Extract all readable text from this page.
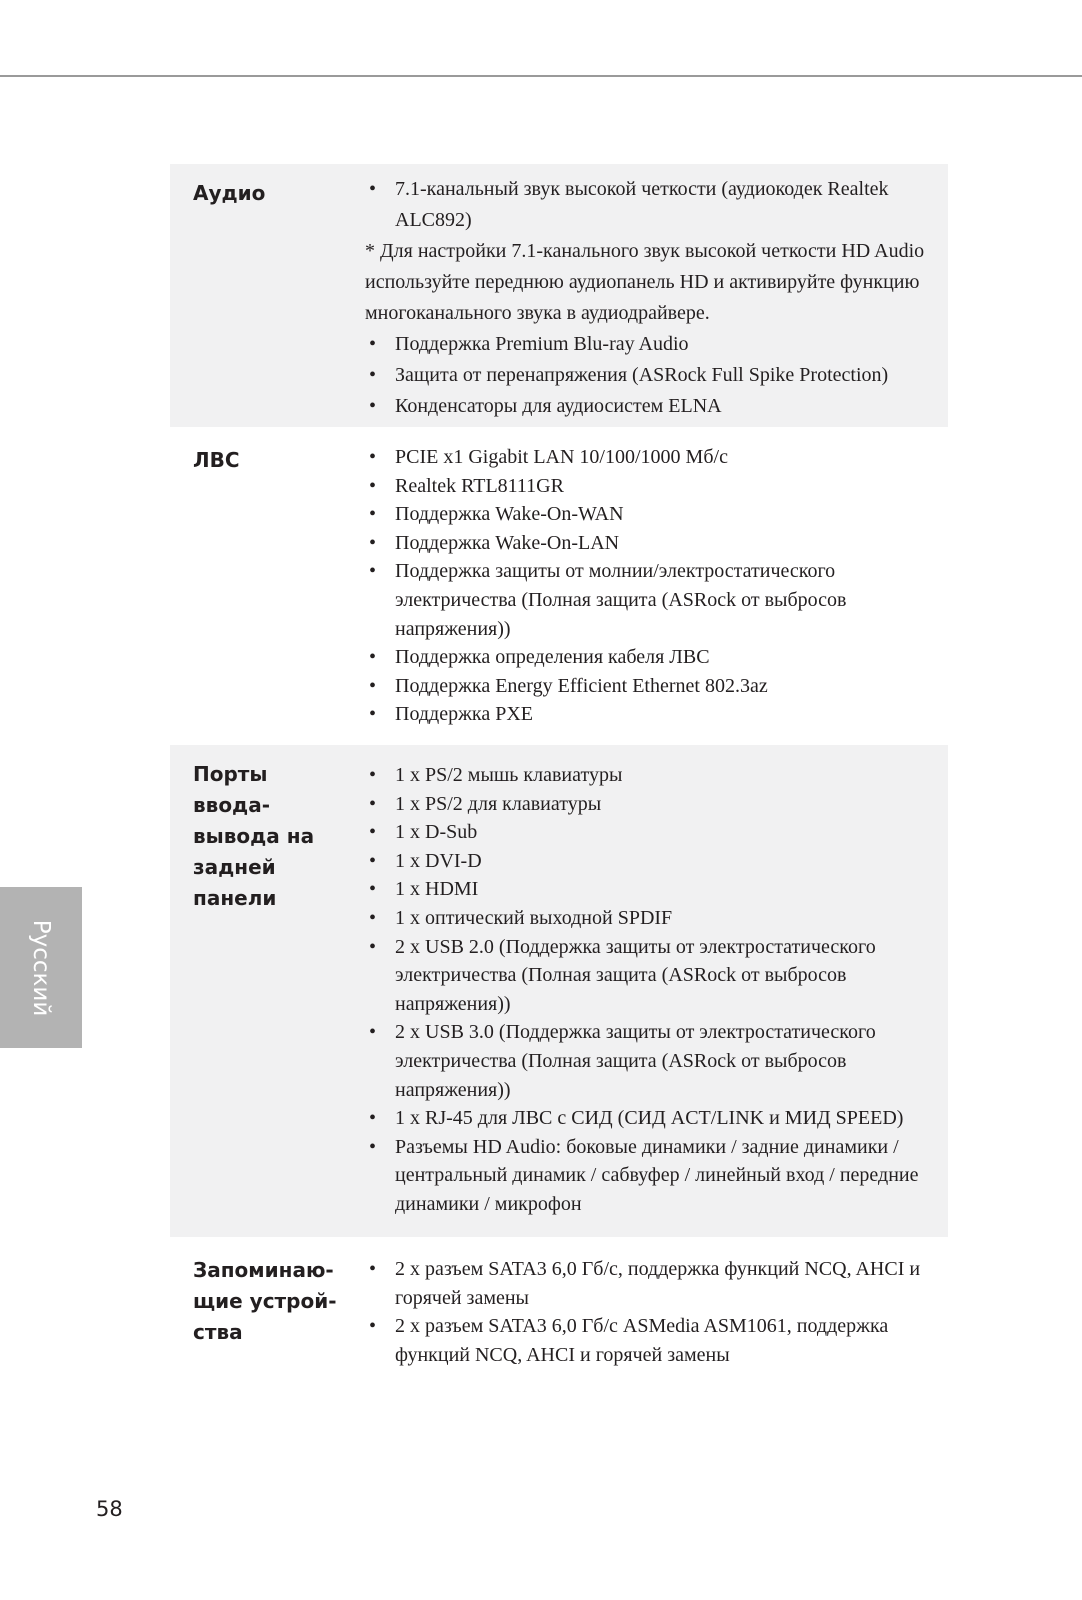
Русский
Аудио	• 7.1-канальный звук высокой четкости (аудиокодек Realtek ALC892)
* Для настройки 7.1-канального звук высокой четкости HD Audio используйте переднюю аудиопанель HD и активируйте функцию многоканального звука в аудиодрайвере.
• Поддержка Premium Blu-ray Audio
• Защита от перенапряжения (ASRock Full Spike Protection)
• Конденсаторы для аудиосистем ELNA
ЛВС	• PCIE x1 Gigabit LAN 10/100/1000 Мб/с
• Realtek RTL8111GR
• Поддержка Wake-On-WAN
• Поддержка Wake-On-LAN
• Поддержка защиты от молнии/электростатического электричества (Полная защита (ASRock от выбросов напряжения))
• Поддержка определения кабеля ЛВС
• Поддержка Energy Efficient Ethernet 802.3az
• Поддержка PXE
Порты ввода-вывода на задней панели
• 1 x PS/2 мышь клавиатуры
• 1 x PS/2 для клавиатуры
• 1 x D-Sub
• 1 x DVI-D
• 1 x HDMI
• 1 x оптический выходной SPDIF
• 2 x USB 2.0 (Поддержка защиты от электростатического электричества (Полная защита (ASRock от выбросов напряжения))
• 2 x USB 3.0 (Поддержка защиты от электростатического электричества (Полная защита (ASRock от выбросов напряжения))
• 1 x RJ-45 для ЛВС с СИД (СИД ACT/LINK и МИД SPEED)
• Разъемы HD Audio: боковые динамики / задние динамики / центральный динамик / сабвуфер / линейный вход / передние динамики / микрофон
Запоминаю-щие устрой-ства
• 2 x разъем SATA3 6,0 Гб/с, поддержка функций NCQ, AHCI и горячей замены
• 2 x разъем SATA3 6,0 Гб/с ASMedia ASM1061, поддержка функций NCQ, AHCI и горячей замены
58
